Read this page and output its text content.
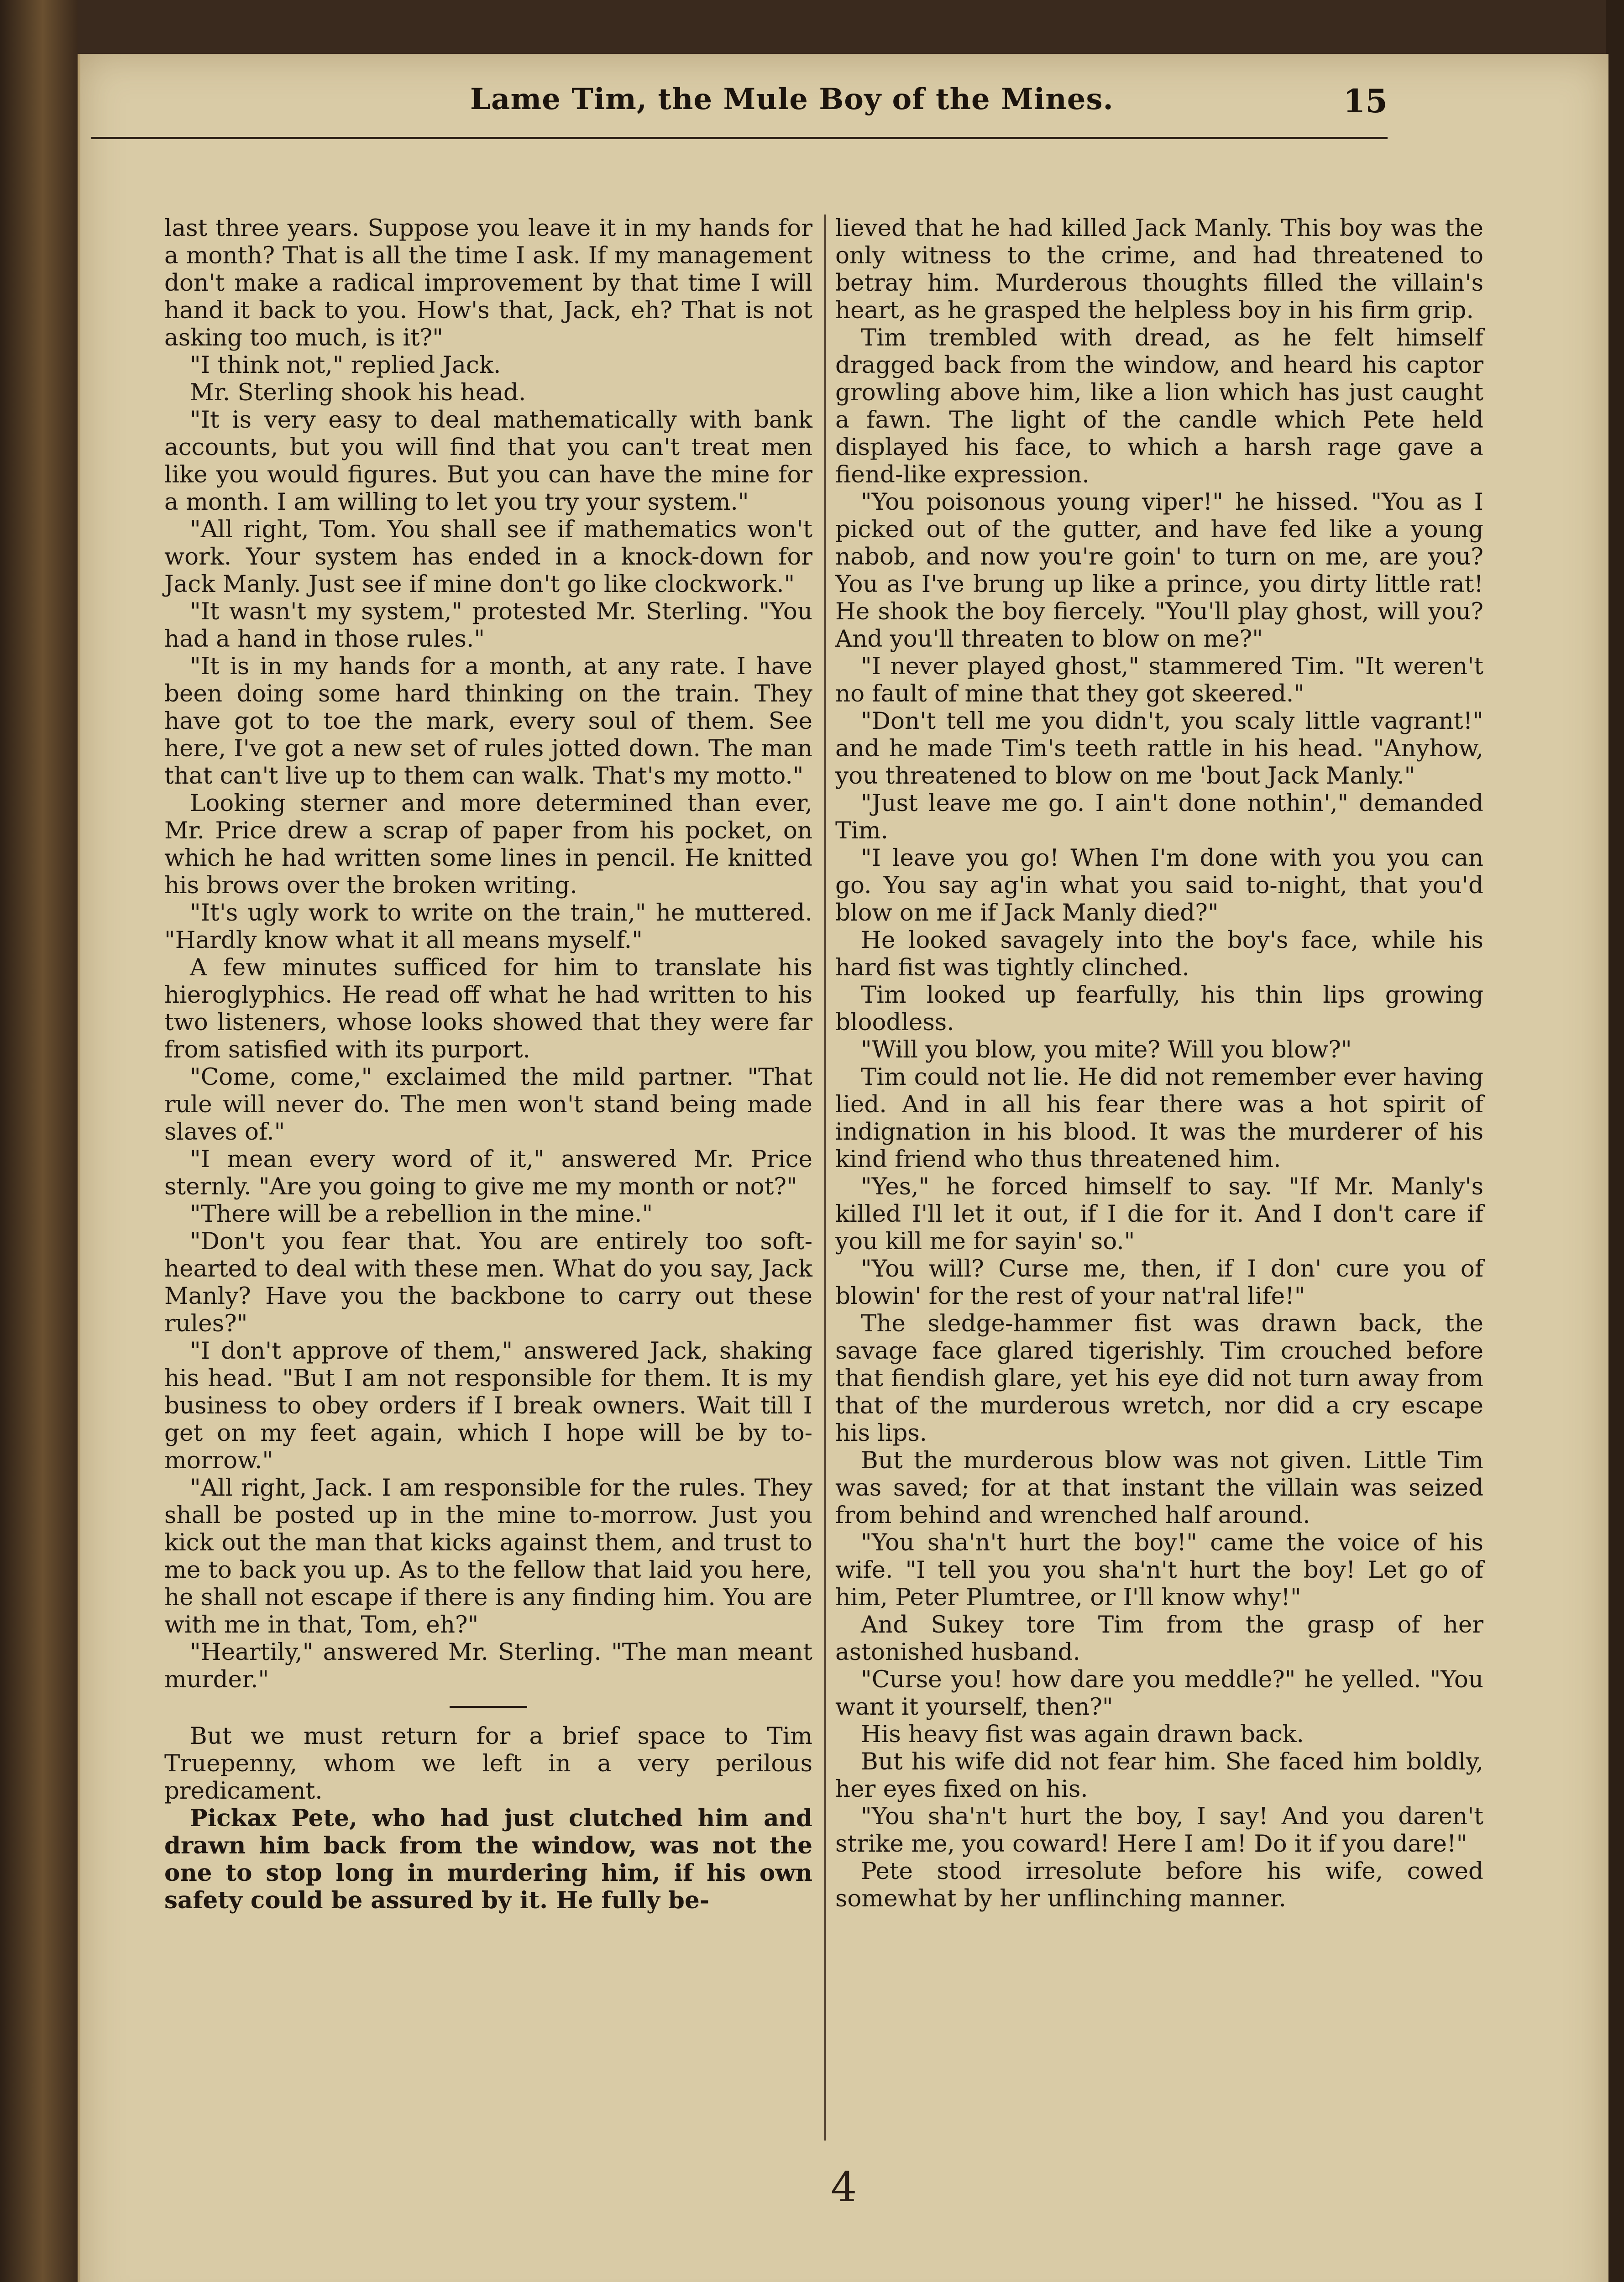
Lame Tim, the Mule Boy of the Mines.	15

last three years. Suppose you leave it in my hands for a month? That is all the time I ask. If my management don't make a radical improvement by that time I will hand it back to you. How's that, Jack, eh? That is not asking too much, is it?"

"I think not," replied Jack.

Mr. Sterling shook his head.

"It is very easy to deal mathematically with bank accounts, but you will find that you can't treat men like you would figures. But you can have the mine for a month. I am willing to let you try your system."

"All right, Tom. You shall see if mathematics won't work. Your system has ended in a knock-down for Jack Manly. Just see if mine don't go like clockwork."

"It wasn't my system," protested Mr. Sterling. "You had a hand in those rules."

"It is in my hands for a month, at any rate. I have been doing some hard thinking on the train. They have got to toe the mark, every soul of them. See here, I've got a new set of rules jotted down. The man that can't live up to them can walk. That's my motto."

Looking sterner and more determined than ever, Mr. Price drew a scrap of paper from his pocket, on which he had written some lines in pencil. He knitted his brows over the broken writing.

"It's ugly work to write on the train," he muttered. "Hardly know what it all means myself."

A few minutes sufficed for him to translate his hieroglyphics. He read off what he had written to his two listeners, whose looks showed that they were far from satisfied with its purport.

"Come, come," exclaimed the mild partner. "That rule will never do. The men won't stand being made slaves of."

"I mean every word of it," answered Mr. Price sternly. "Are you going to give me my month or not?"

"There will be a rebellion in the mine."

"Don't you fear that. You are entirely too soft-hearted to deal with these men. What do you say, Jack Manly? Have you the backbone to carry out these rules?"

"I don't approve of them," answered Jack, shaking his head. "But I am not responsible for them. It is my business to obey orders if I break owners. Wait till I get on my feet again, which I hope will be by to-morrow."

"All right, Jack. I am responsible for the rules. They shall be posted up in the mine to-morrow. Just you kick out the man that kicks against them, and trust to me to back you up. As to the fellow that laid you here, he shall not escape if there is any finding him. You are with me in that, Tom, eh?"

"Heartily," answered Mr. Sterling. "The man meant murder."

But we must return for a brief space to Tim Truepenny, whom we left in a very perilous predicament.

Pickax Pete, who had just clutched him and drawn him back from the window, was not the one to stop long in murdering him, if his own safety could be assured by it. He fully be-

lieved that he had killed Jack Manly. This boy was the only witness to the crime, and had threatened to betray him. Murderous thoughts filled the villain's heart, as he grasped the helpless boy in his firm grip.

Tim trembled with dread, as he felt himself dragged back from the window, and heard his captor growling above him, like a lion which has just caught a fawn. The light of the candle which Pete held displayed his face, to which a harsh rage gave a fiend-like expression.

"You poisonous young viper!" he hissed. "You as I picked out of the gutter, and have fed like a young nabob, and now you're goin' to turn on me, are you? You as I've brung up like a prince, you dirty little rat! He shook the boy fiercely. "You'll play ghost, will you? And you'll threaten to blow on me?"

"I never played ghost," stammered Tim. "It weren't no fault of mine that they got skeered."

"Don't tell me you didn't, you scaly little vagrant!" and he made Tim's teeth rattle in his head. "Anyhow, you threatened to blow on me 'bout Jack Manly."

"Just leave me go. I ain't done nothin'," demanded Tim.

"I leave you go! When I'm done with you you can go. You say ag'in what you said to-night, that you'd blow on me if Jack Manly died?"

He looked savagely into the boy's face, while his hard fist was tightly clinched.

Tim looked up fearfully, his thin lips growing bloodless.

"Will you blow, you mite? Will you blow?"

Tim could not lie. He did not remember ever having lied. And in all his fear there was a hot spirit of indignation in his blood. It was the murderer of his kind friend who thus threatened him.

"Yes," he forced himself to say. "If Mr. Manly's killed I'll let it out, if I die for it. And I don't care if you kill me for sayin' so."

"You will? Curse me, then, if I don' cure you of blowin' for the rest of your nat'ral life!"

The sledge-hammer fist was drawn back, the savage face glared tigerishly. Tim crouched before that fiendish glare, yet his eye did not turn away from that of the murderous wretch, nor did a cry escape his lips.

But the murderous blow was not given. Little Tim was saved; for at that instant the villain was seized from behind and wrenched half around.

"You sha'n't hurt the boy!" came the voice of his wife. "I tell you you sha'n't hurt the boy! Let go of him, Peter Plumtree, or I'll know why!"

And Sukey tore Tim from the grasp of her astonished husband.

"Curse you! how dare you meddle?" he yelled. "You want it yourself, then?"

His heavy fist was again drawn back.

But his wife did not fear him. She faced him boldly, her eyes fixed on his.

"You sha'n't hurt the boy, I say! And you daren't strike me, you coward! Here I am! Do it if you dare!"

Pete stood irresolute before his wife, cowed somewhat by her unflinching manner.

4
